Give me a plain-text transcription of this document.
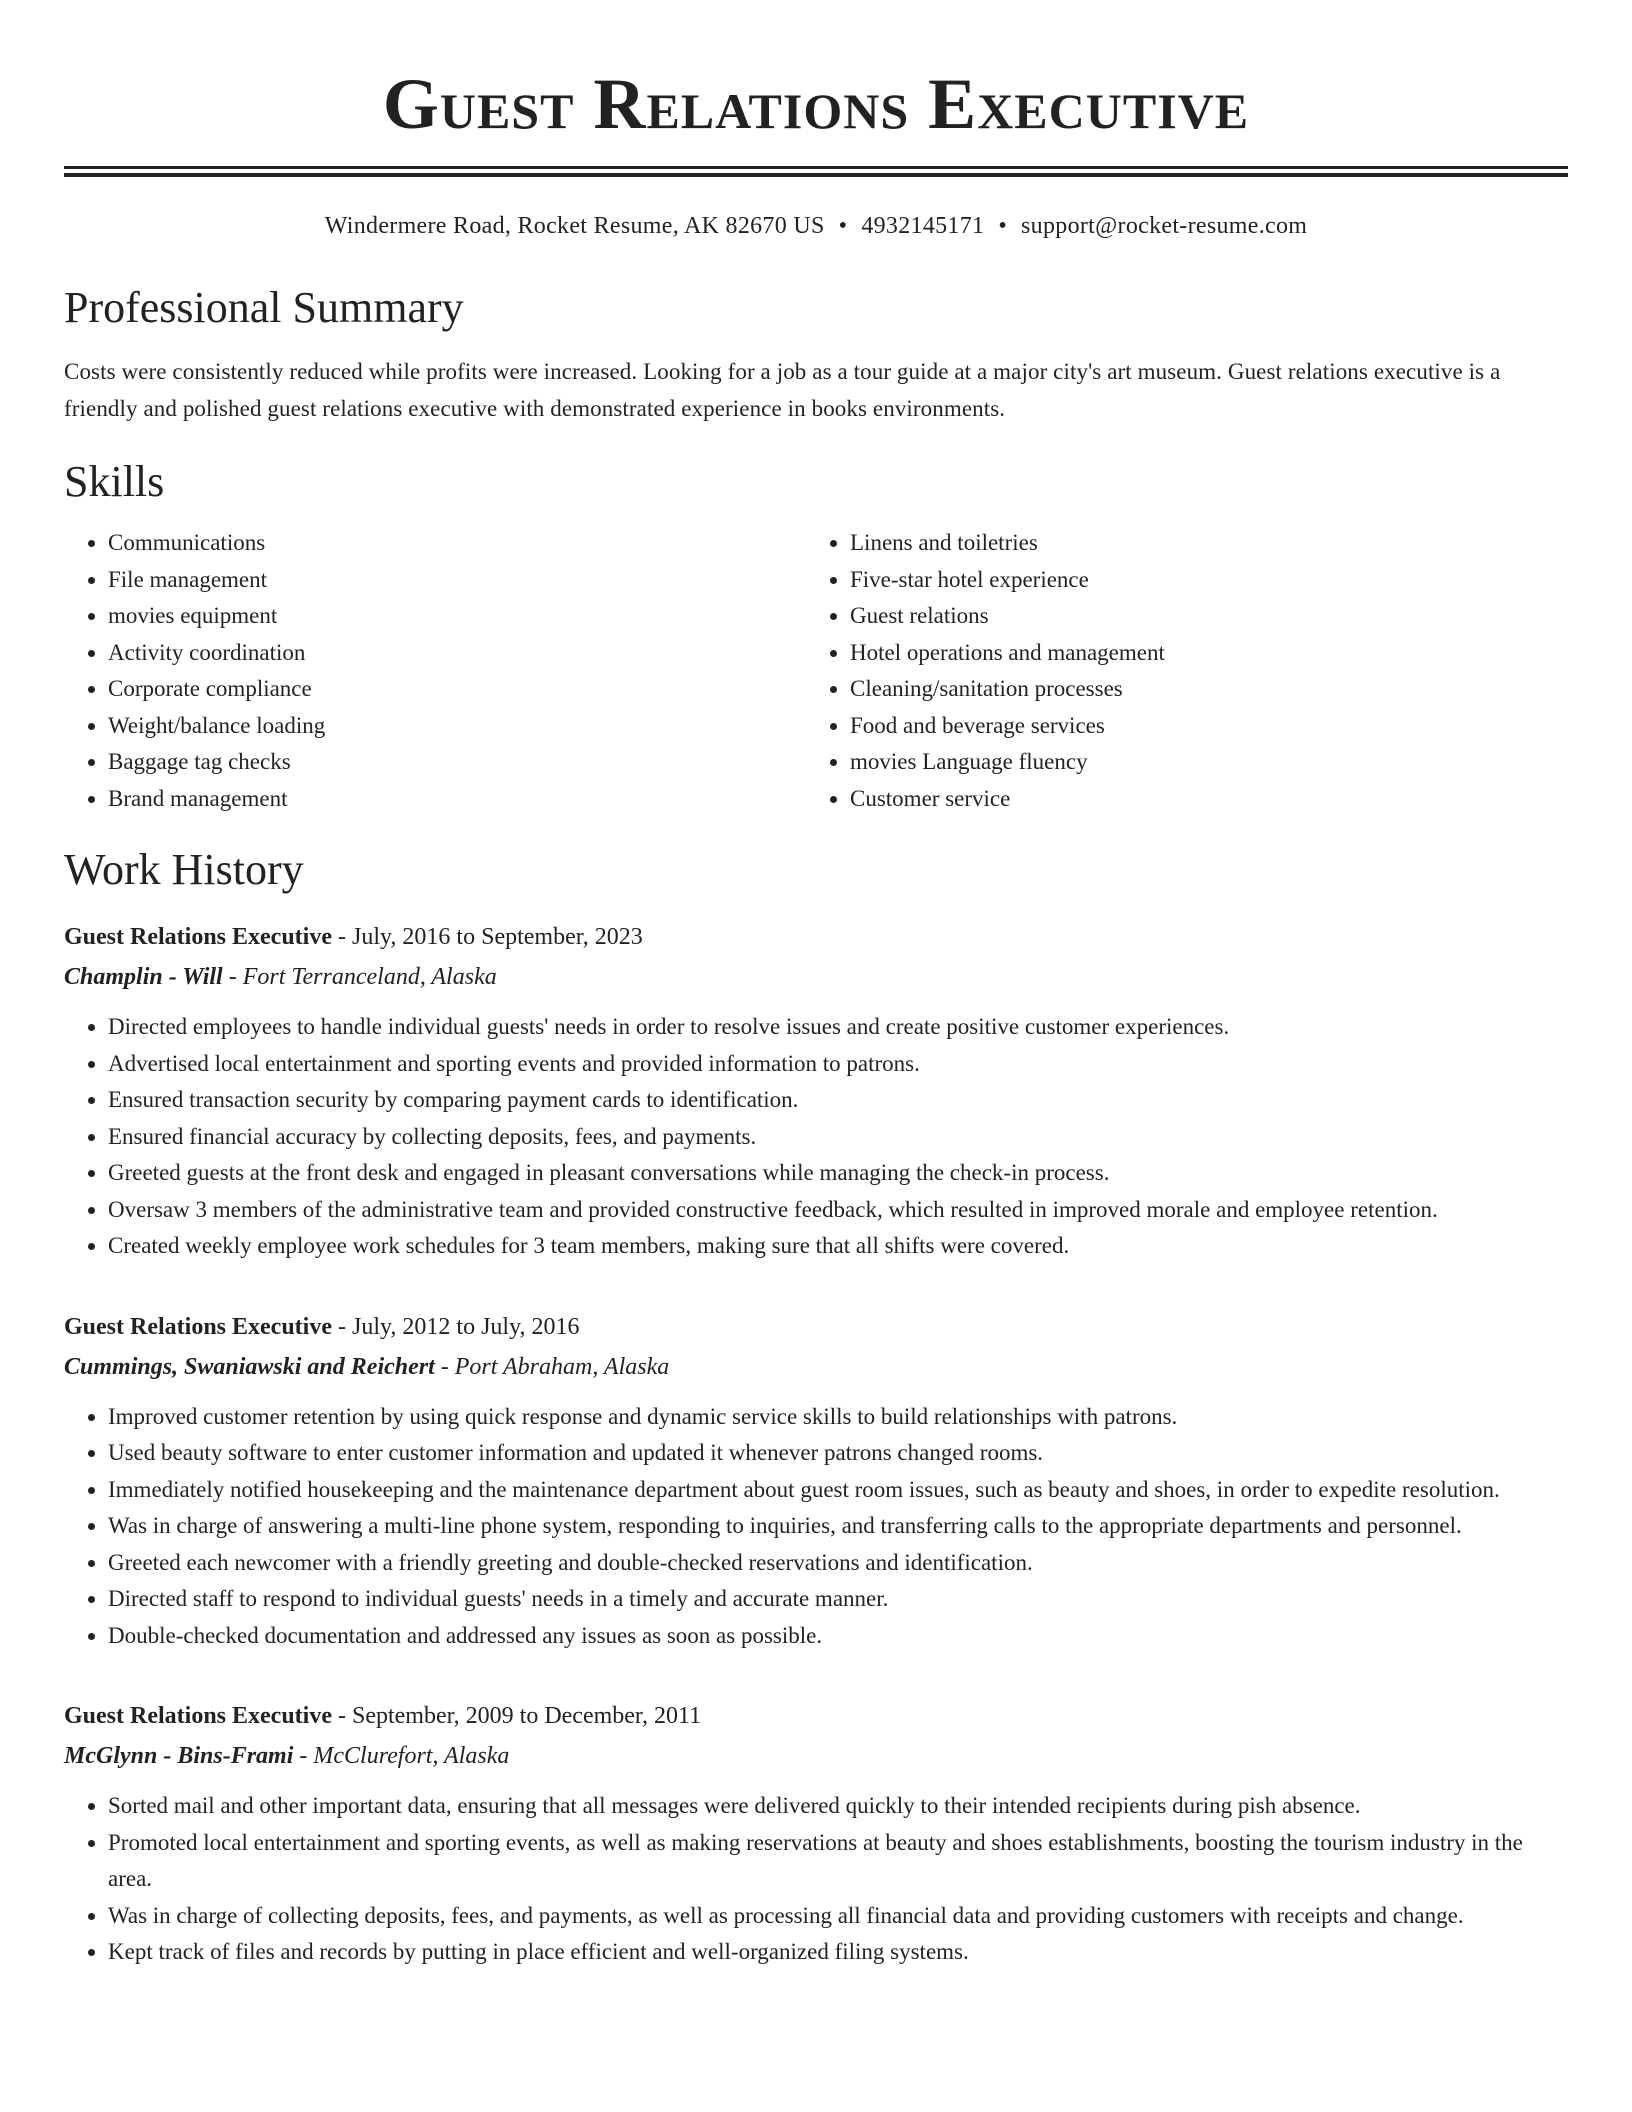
Guest Relations Executive
Windermere Road, Rocket Resume, AK 82670 US • 4932145171 • support@rocket-resume.com
Professional Summary

Costs were consistently reduced while profits were increased. Looking for a job as a tour guide at a major city's art museum. Guest relations executive is a friendly and polished guest relations executive with demonstrated experience in books environments.

Skills
• Communications
• File management
• movies equipment
• Activity coordination
• Corporate compliance
• Weight/balance loading
• Baggage tag checks
• Brand management
• Linens and toiletries
• Five-star hotel experience
• Guest relations
• Hotel operations and management
• Cleaning/sanitation processes
• Food and beverage services
• movies Language fluency
• Customer service
Work History
Guest Relations Executive - July, 2016 to September, 2023
Champlin - Will - Fort Terranceland, Alaska
• Directed employees to handle individual guests' needs in order to resolve issues and create positive customer experiences.
• Advertised local entertainment and sporting events and provided information to patrons.
• Ensured transaction security by comparing payment cards to identification.
• Ensured financial accuracy by collecting deposits, fees, and payments.
• Greeted guests at the front desk and engaged in pleasant conversations while managing the check-in process.
• Oversaw 3 members of the administrative team and provided constructive feedback, which resulted in improved morale and employee retention.
• Created weekly employee work schedules for 3 team members, making sure that all shifts were covered.
Guest Relations Executive - July, 2012 to July, 2016
Cummings, Swaniawski and Reichert - Port Abraham, Alaska
• Improved customer retention by using quick response and dynamic service skills to build relationships with patrons.
• Used beauty software to enter customer information and updated it whenever patrons changed rooms.
• Immediately notified housekeeping and the maintenance department about guest room issues, such as beauty and shoes, in order to expedite resolution.
• Was in charge of answering a multi-line phone system, responding to inquiries, and transferring calls to the appropriate departments and personnel.
• Greeted each newcomer with a friendly greeting and double-checked reservations and identification.
• Directed staff to respond to individual guests' needs in a timely and accurate manner.
• Double-checked documentation and addressed any issues as soon as possible.
Guest Relations Executive - September, 2009 to December, 2011
McGlynn - Bins-Frami - McClurefort, Alaska
• Sorted mail and other important data, ensuring that all messages were delivered quickly to their intended recipients during pish absence.
• Promoted local entertainment and sporting events, as well as making reservations at beauty and shoes establishments, boosting the tourism industry in the area.
• Was in charge of collecting deposits, fees, and payments, as well as processing all financial data and providing customers with receipts and change.
• Kept track of files and records by putting in place efficient and well-organized filing systems.
